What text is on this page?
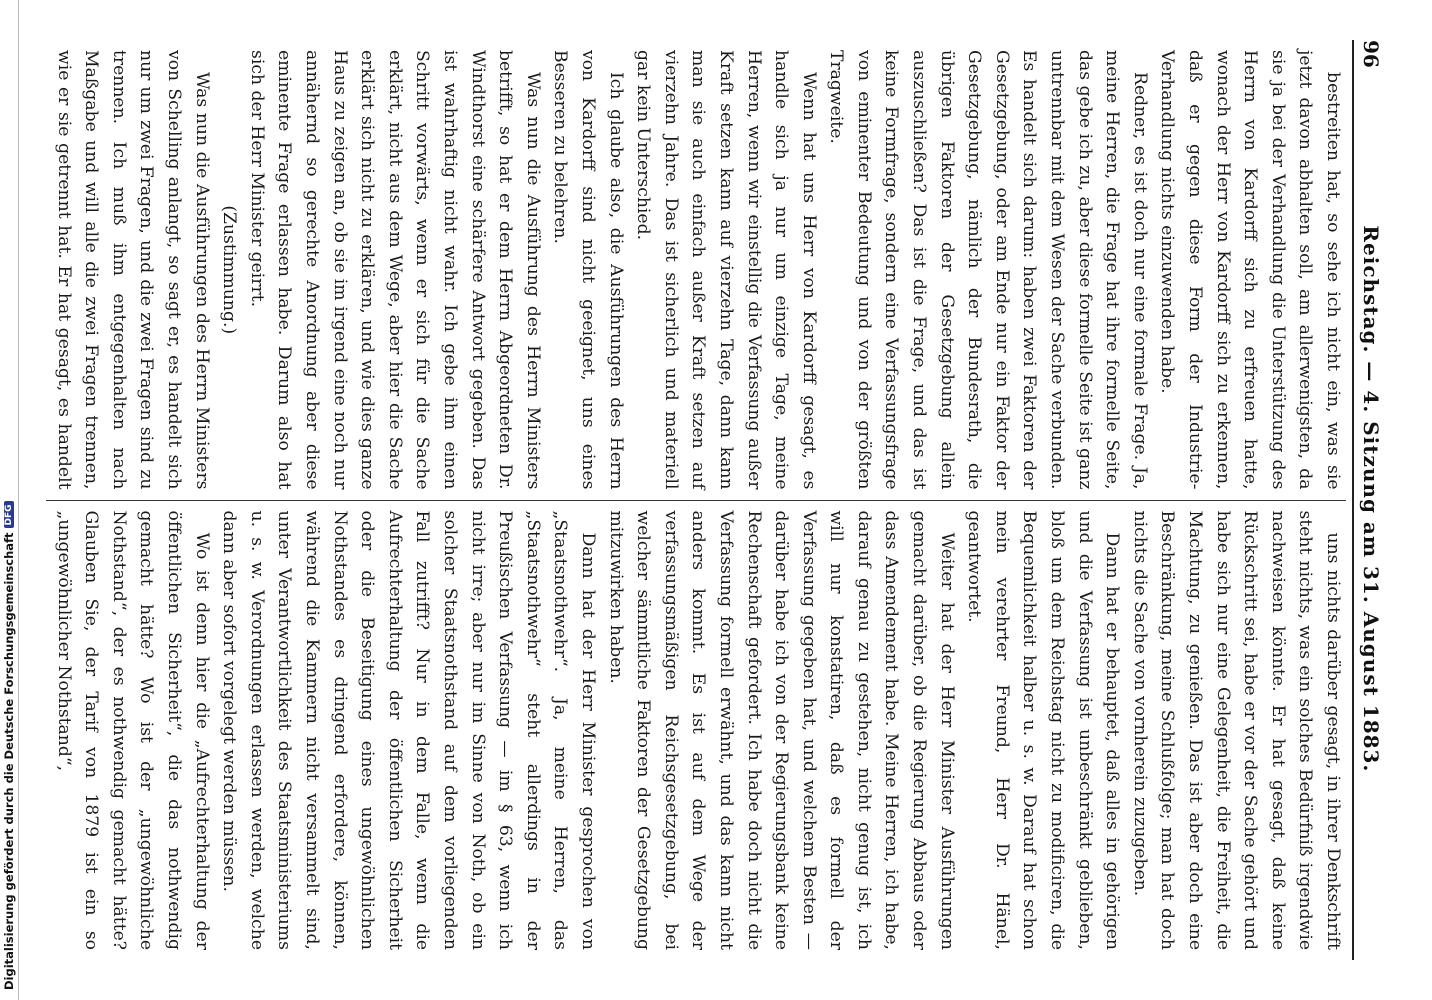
Digitalisierung gefördert durch die Deutsche Forschungsgemeinschaft
DFG
96
Reichstag. — 4. Sitzung am 31. August 1883.

bestreiten hat, so sehe ich nicht ein, was sie jetzt davon abhalten soll, am allerwenigsten, da sie ja bei der Verhandlung die Unterstützung des Herrn von Kardorff sich zu erfreuen hatte, wonach der Herr von Kardorff sich zu erkennen, daß er gegen diese Form der Industrie-Verhandlung nichts einzuwenden habe.

Redner, es ist doch nur eine formale Frage. Ja, meine Herren, die Frage hat ihre formelle Seite, das gebe ich zu, aber diese formelle Seite ist ganz untrennbar mit dem Wesen der Sache verbunden. Es handelt sich darum: haben zwei Faktoren der Gesetzgebung, oder am Ende nur ein Faktor der Gesetzgebung, nämlich der Bundesrath, die übrigen Faktoren der Gesetzgebung allein auszuschließen? Das ist die Frage, und das ist keine Formfrage, sondern eine Verfassungsfrage von eminenter Bedeutung und von der größten Tragweite.

Wenn hat uns Herr von Kardorff gesagt, es handle sich ja nur um einzige Tage, meine Herren, wenn wir einstellig die Verfassung außer Kraft setzen kann auf vierzehn Tage, dann kann man sie auch einfach außer Kraft setzen auf vierzehn Jahre. Das ist sicherlich und materiell gar kein Unterschied.

Ich glaube also, die Ausführungen des Herrn von Kardorff sind nicht geeignet, uns eines Besseren zu belehren.

Was nun die Ausführung des Herrn Ministers betrifft, so hat er dem Herrn Abgeordneten Dr. Windthorst eine schärfere Antwort gegeben. Das ist wahrhaftig nicht wahr. Ich gebe ihm einen Schritt vorwärts, wenn er sich für die Sache erklärt, nicht aus dem Wege, aber hier die Sache erklärt sich nicht zu erklären, und wie dies ganze Haus zu zeigen an, ob sie im irgend eine noch nur annähernd so gerechte Anordnung aber diese eminente Frage erlassen habe. Darum also hat sich der Herr Minister geirrt.

(Zustimmung.)

Was nun die Ausführungen des Herrn Ministers von Schelling anlangt, so sagt er, es handelt sich nur um zwei Fragen, und die zwei Fragen sind zu trennen. Ich muß ihm entgegenhalten nach Maßgabe und will alle die zwei Fragen trennen, wie er sie getrennt hat. Er hat gesagt, es handelt

uns nichts darüber gesagt, in ihrer Denkschrift steht nichts, was ein solches Bedürfniß irgendwie nachweisen könnte. Er hat gesagt, daß keine Rückschritt sei, habe er vor der Sache gehört und habe sich nur eine Gelegenheit, die Freiheit, die Machtung, zu genießen. Das ist aber doch eine Beschränkung, meine Schlußfolge; man hat doch nichts die Sache von vornherein zuzugeben.

Dann hat er behauptet, daß alles in gehörigen und die Verfassung ist unbeschränkt geblieben, bloß um dem Reichstag nicht zu modificiren, die Bequemlichkeit halber u. s. w. Darauf hat schon mein verehrter Freund, Herr Dr. Hänel, geantwortet.

Weiter hat der Herr Minister Ausführungen gemacht darüber, ob die Regierung Abbaus oder dass Amendement habe. Meine Herren, ich habe, darauf genau zu gestehen, nicht genug ist, ich will nur konstatiren, daß es formell der Verfassung gegeben hat, und welchem Besten — darüber habe ich von der Regierungsbank keine Rechenschaft gefordert. Ich habe doch nicht die Verfassung formell erwähnt, und das kann nicht anders kommt. Es ist auf dem Wege der verfassungsmäßigen Reichsgesetzgebung, bei welcher sämmtliche Faktoren der Gesetzgebung mitzuwirken haben.

Dann hat der Herr Minister gesprochen von „Staatsnothwehr“. Ja, meine Herren, das „Staatsnothwehr“ steht allerdings in der Preußischen Verfassung — im § 63, wenn ich nicht irre; aber nur im Sinne von Noth, ob ein solcher Staatsnothstand auf dem vorliegenden Fall zutrifft? Nur in dem Falle, wenn die Aufrechterhaltung der öffentlichen Sicherheit oder die Beseitigung eines ungewöhnlichen Nothstandes es dringend erfordere, können, während die Kammern nicht versammelt sind, unter Verantwortlichkeit des Staatsministeriums u. s. w. Verordnungen erlassen werden, welche dann aber sofort vorgelegt werden müssen.

Wo ist denn hier die „Aufrechterhaltung der öffentlichen Sicherheit“, die das nothwendig gemacht hätte? Wo ist der „ungewöhnliche Nothstand“, der es nothwendig gemacht hätte? Glauben Sie, der Tarif von 1879 ist ein so „ungewöhnlicher Nothstand“,
